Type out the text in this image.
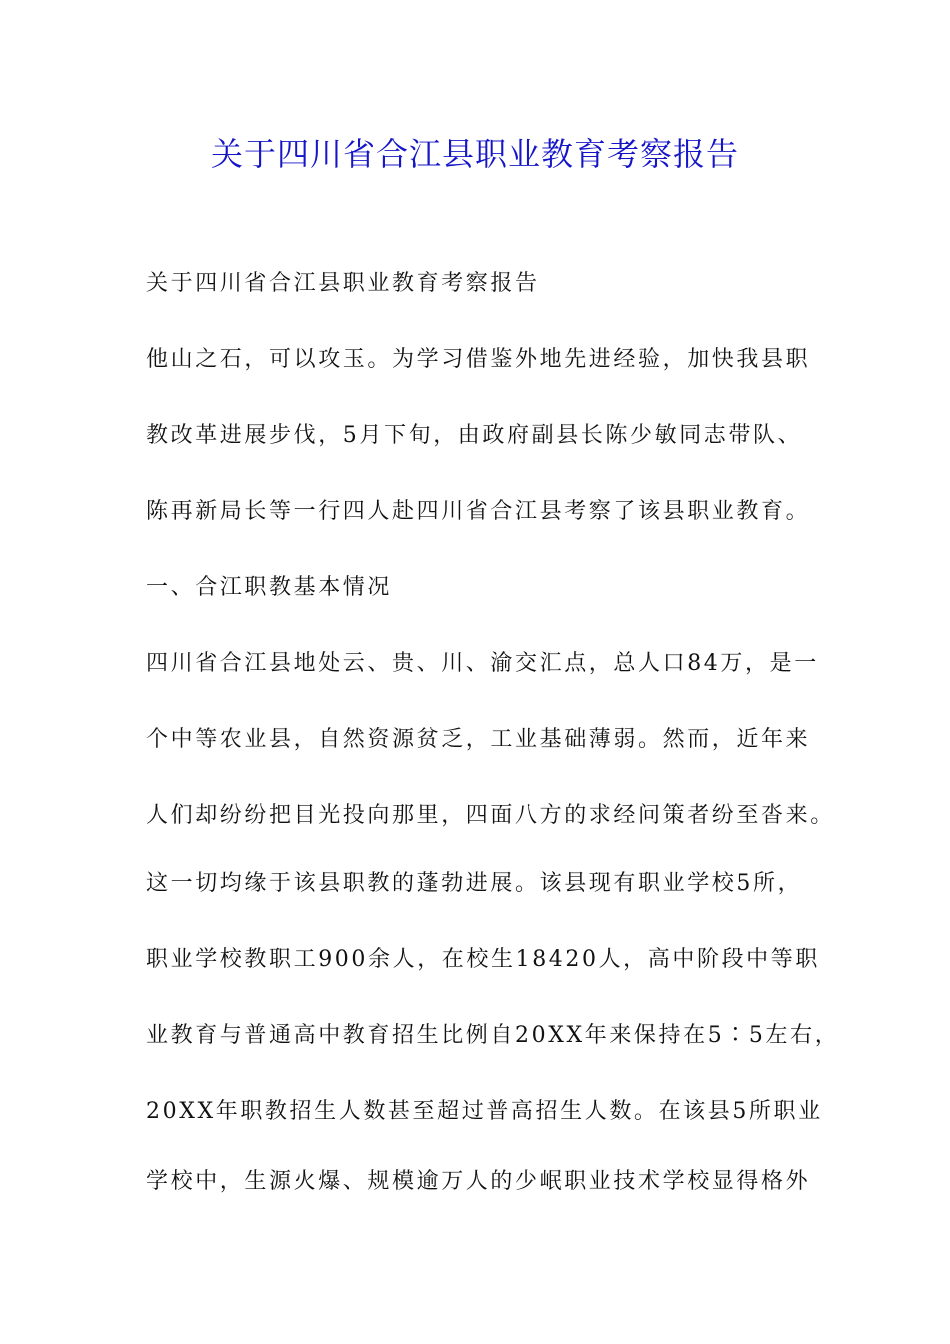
关于四川省合江县职业教育考察报告

关于四川省合江县职业教育考察报告

他山之石，可以攻玉。为学习借鉴外地先进经验，加快我县职

教改革进展步伐，5月下旬，由政府副县长陈少敏同志带队、

陈再新局长等一行四人赴四川省合江县考察了该县职业教育。

一、合江职教基本情况

四川省合江县地处云、贵、川、渝交汇点，总人口84万，是一

个中等农业县，自然资源贫乏，工业基础薄弱。然而，近年来

人们却纷纷把目光投向那里，四面八方的求经问策者纷至沓来。

这一切均缘于该县职教的蓬勃进展。该县现有职业学校5所，

职业学校教职工900余人，在校生18420人，高中阶段中等职

业教育与普通高中教育招生比例自20XX年来保持在5∶5左右，

20XX年职教招生人数甚至超过普高招生人数。在该县5所职业

学校中，生源火爆、规模逾万人的少岷职业技术学校显得格外
